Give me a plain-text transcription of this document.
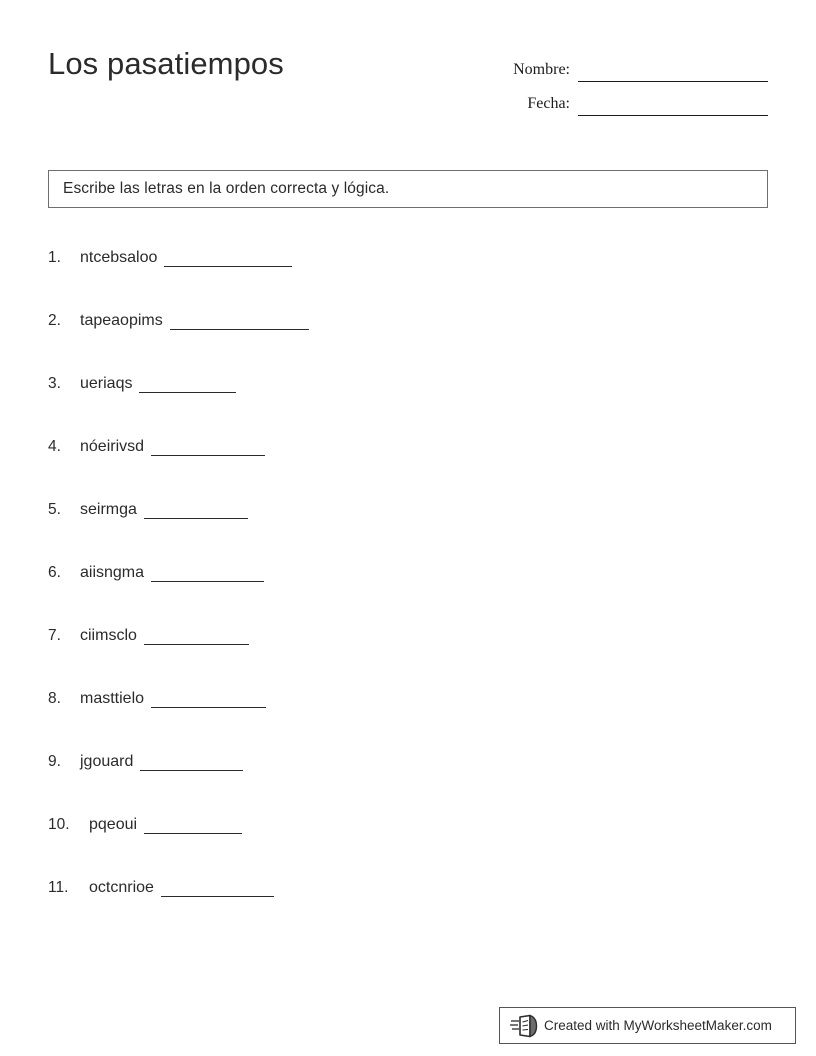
Los pasatiempos	Nombre:
Fecha:
Escribe las letras en la orden correcta y lógica.
1.	ntcebsaloo
2.	tapeaopims
3.	ueriaqs
4.	nóeirivsd
5.	seirmga
6.	aiisngma
7.	ciimsclo
8.	masttielo
9.	jgouard
10.	pqeoui
11.	octcnrioe
Created with MyWorksheetMaker.com
